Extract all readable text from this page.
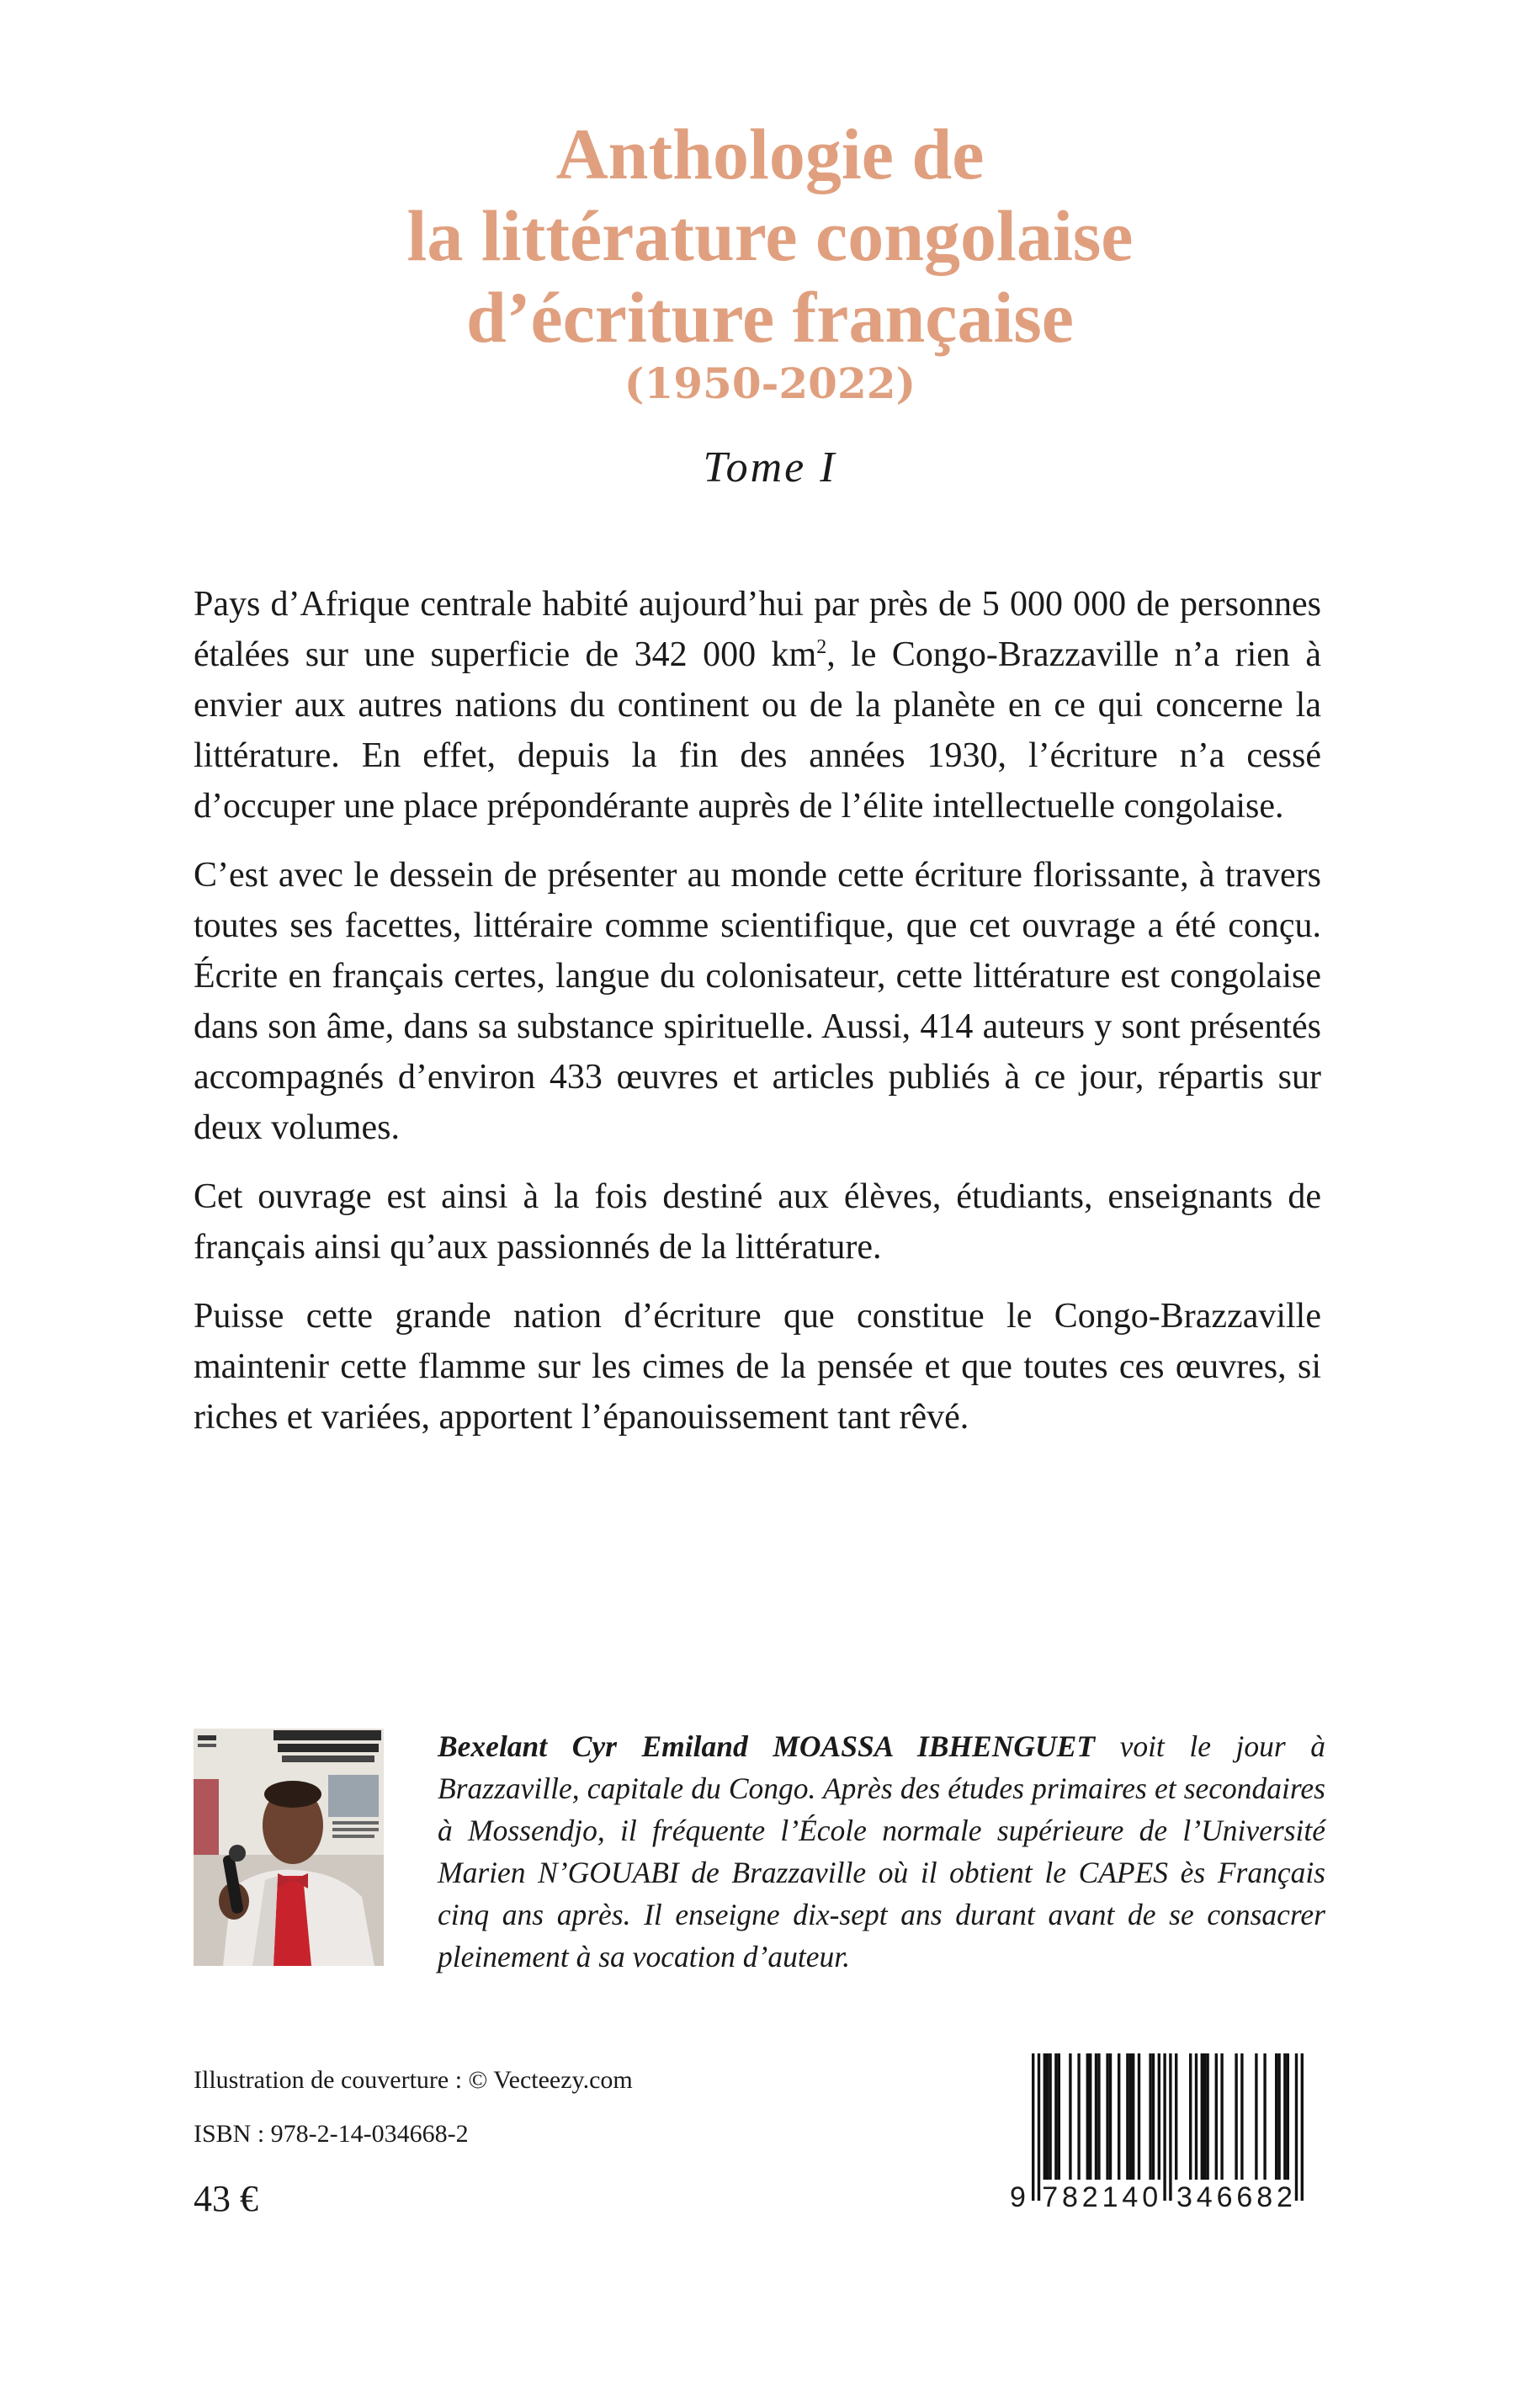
Anthologie de
la littérature congolaise
d’écriture française
(1950-2022)
Tome I

Pays d’Afrique centrale habité aujourd’hui par près de 5 000 000 de personnes étalées sur une superficie de 342 000 $km^2$, le Congo-Brazzaville n’a rien à envier aux autres nations du continent ou de la planète en ce qui concerne la littérature. En effet, depuis la fin des années 1930, l’écriture n’a cessé d’occuper une place prépondérante auprès de l’élite intellectuelle congolaise.

C’est avec le dessein de présenter au monde cette écriture florissante, à travers toutes ses facettes, littéraire comme scientifique, que cet ouvrage a été conçu. Écrite en français certes, langue du colonisateur, cette littérature est congolaise dans son âme, dans sa substance spirituelle. Aussi, 414 auteurs y sont présentés accompagnés d’environ 433 œuvres et articles publiés à ce jour, répartis sur deux volumes.

Cet ouvrage est ainsi à la fois destiné aux élèves, étudiants, enseignants de français ainsi qu’aux passionnés de la littérature.

Puisse cette grande nation d’écriture que constitue le Congo-Brazzaville maintenir cette flamme sur les cimes de la pensée et que toutes ces œuvres, si riches et variées, apportent l’épanouissement tant rêvé.

Bexelant Cyr Emiland MOASSA IBHENGUET voit le jour à Brazzaville, capitale du Congo. Après des études primaires et secondaires à Mossendjo, il fréquente l’École normale supérieure de l’Université Marien N’GOUABI de Brazzaville où il obtient le CAPES ès Français cinq ans après. Il enseigne dix-sept ans durant avant de se consacrer pleinement à sa vocation d’auteur.
Illustration de couverture : © Vecteezy.com
ISBN : 978-2-14-034668-2
43 €	9 7 8 2 1 4 0 3 4 6 6 8 2
